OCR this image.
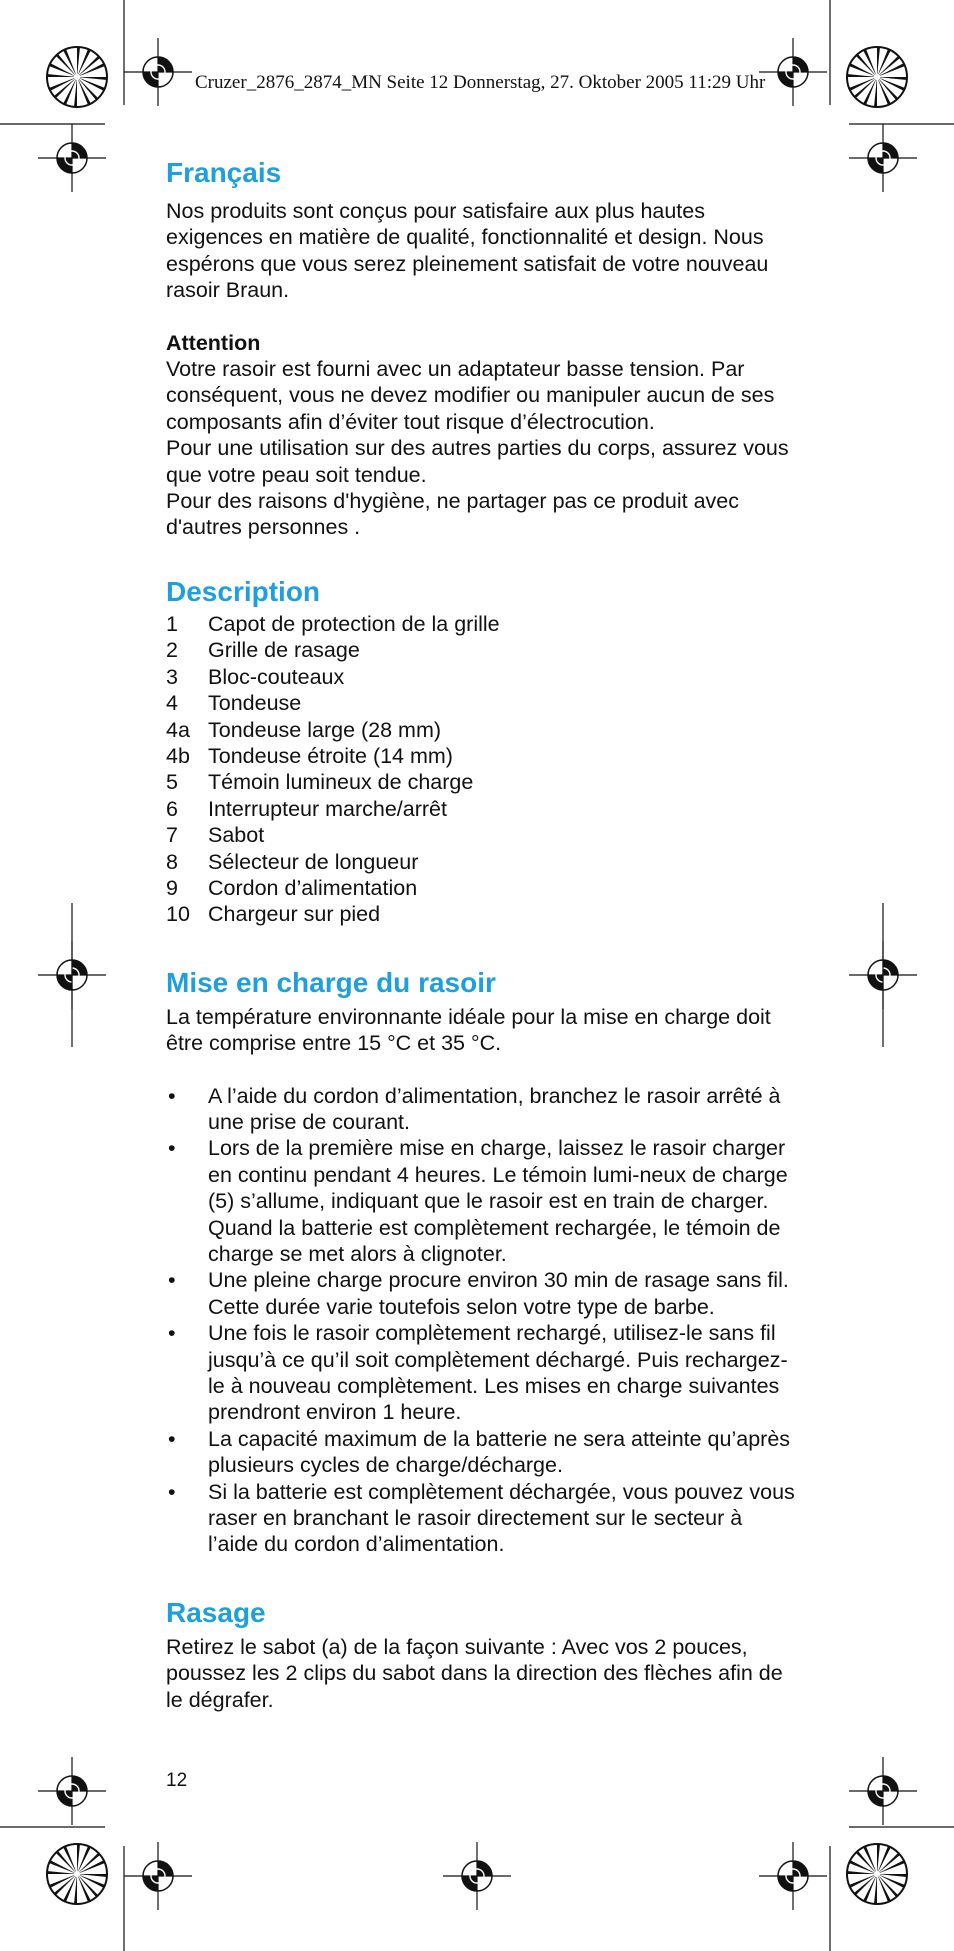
Cruzer_2876_2874_MN Seite 12 Donnerstag, 27. Oktober 2005 11:29 Uhr
Français

Nos produits sont conçus pour satisfaire aux plus hautes exigences en matière de qualité, fonctionnalité et design. Nous espérons que vous serez pleinement satisfait de votre nouveau rasoir Braun.

Attention

Votre rasoir est fourni avec un adaptateur basse tension. Par conséquent, vous ne devez modifier ou manipuler aucun de ses composants afin d’éviter tout risque d’électrocution.

Pour une utilisation sur des autres parties du corps, assurez vous que votre peau soit tendue.

Pour des raisons d'hygiène, ne partager pas ce produit avec d'autres personnes .

Description
1	Capot de protection de la grille
2	Grille de rasage
3	Bloc-couteaux
4	Tondeuse
4a Tondeuse large (28 mm)
4b Tondeuse étroite (14 mm)
5	Témoin lumineux de charge
6	Interrupteur marche/arrêt
7	Sabot
8	Sélecteur de longueur
9	Cordon d’alimentation
10 Chargeur sur pied
Mise en charge du rasoir

La température environnante idéale pour la mise en charge doit être comprise entre 15 °C et 35 °C.

•	A l’aide du cordon d’alimentation, branchez le rasoir arrêté à une prise de courant.
•	Lors de la première mise en charge, laissez le rasoir charger en continu pendant 4 heures. Le témoin lumi-neux de charge (5) s’allume, indiquant que le rasoir est en train de charger. Quand la batterie est complètement rechargée, le témoin de charge se met alors à clignoter.
•	Une pleine charge procure environ 30 min de rasage sans fil. Cette durée varie toutefois selon votre type de barbe.
•	Une fois le rasoir complètement rechargé, utilisez-le sans fil jusqu’à ce qu’il soit complètement déchargé. Puis rechargez-le à nouveau complètement. Les mises en charge suivantes prendront environ 1 heure.
•	La capacité maximum de la batterie ne sera atteinte qu’après plusieurs cycles de charge/décharge.
•	Si la batterie est complètement déchargée, vous pouvez vous raser en branchant le rasoir directement sur le secteur à l’aide du cordon d’alimentation.
Rasage

Retirez le sabot (a) de la façon suivante : Avec vos 2 pouces, poussez les 2 clips du sabot dans la direction des flèches afin de le dégrafer.

12
